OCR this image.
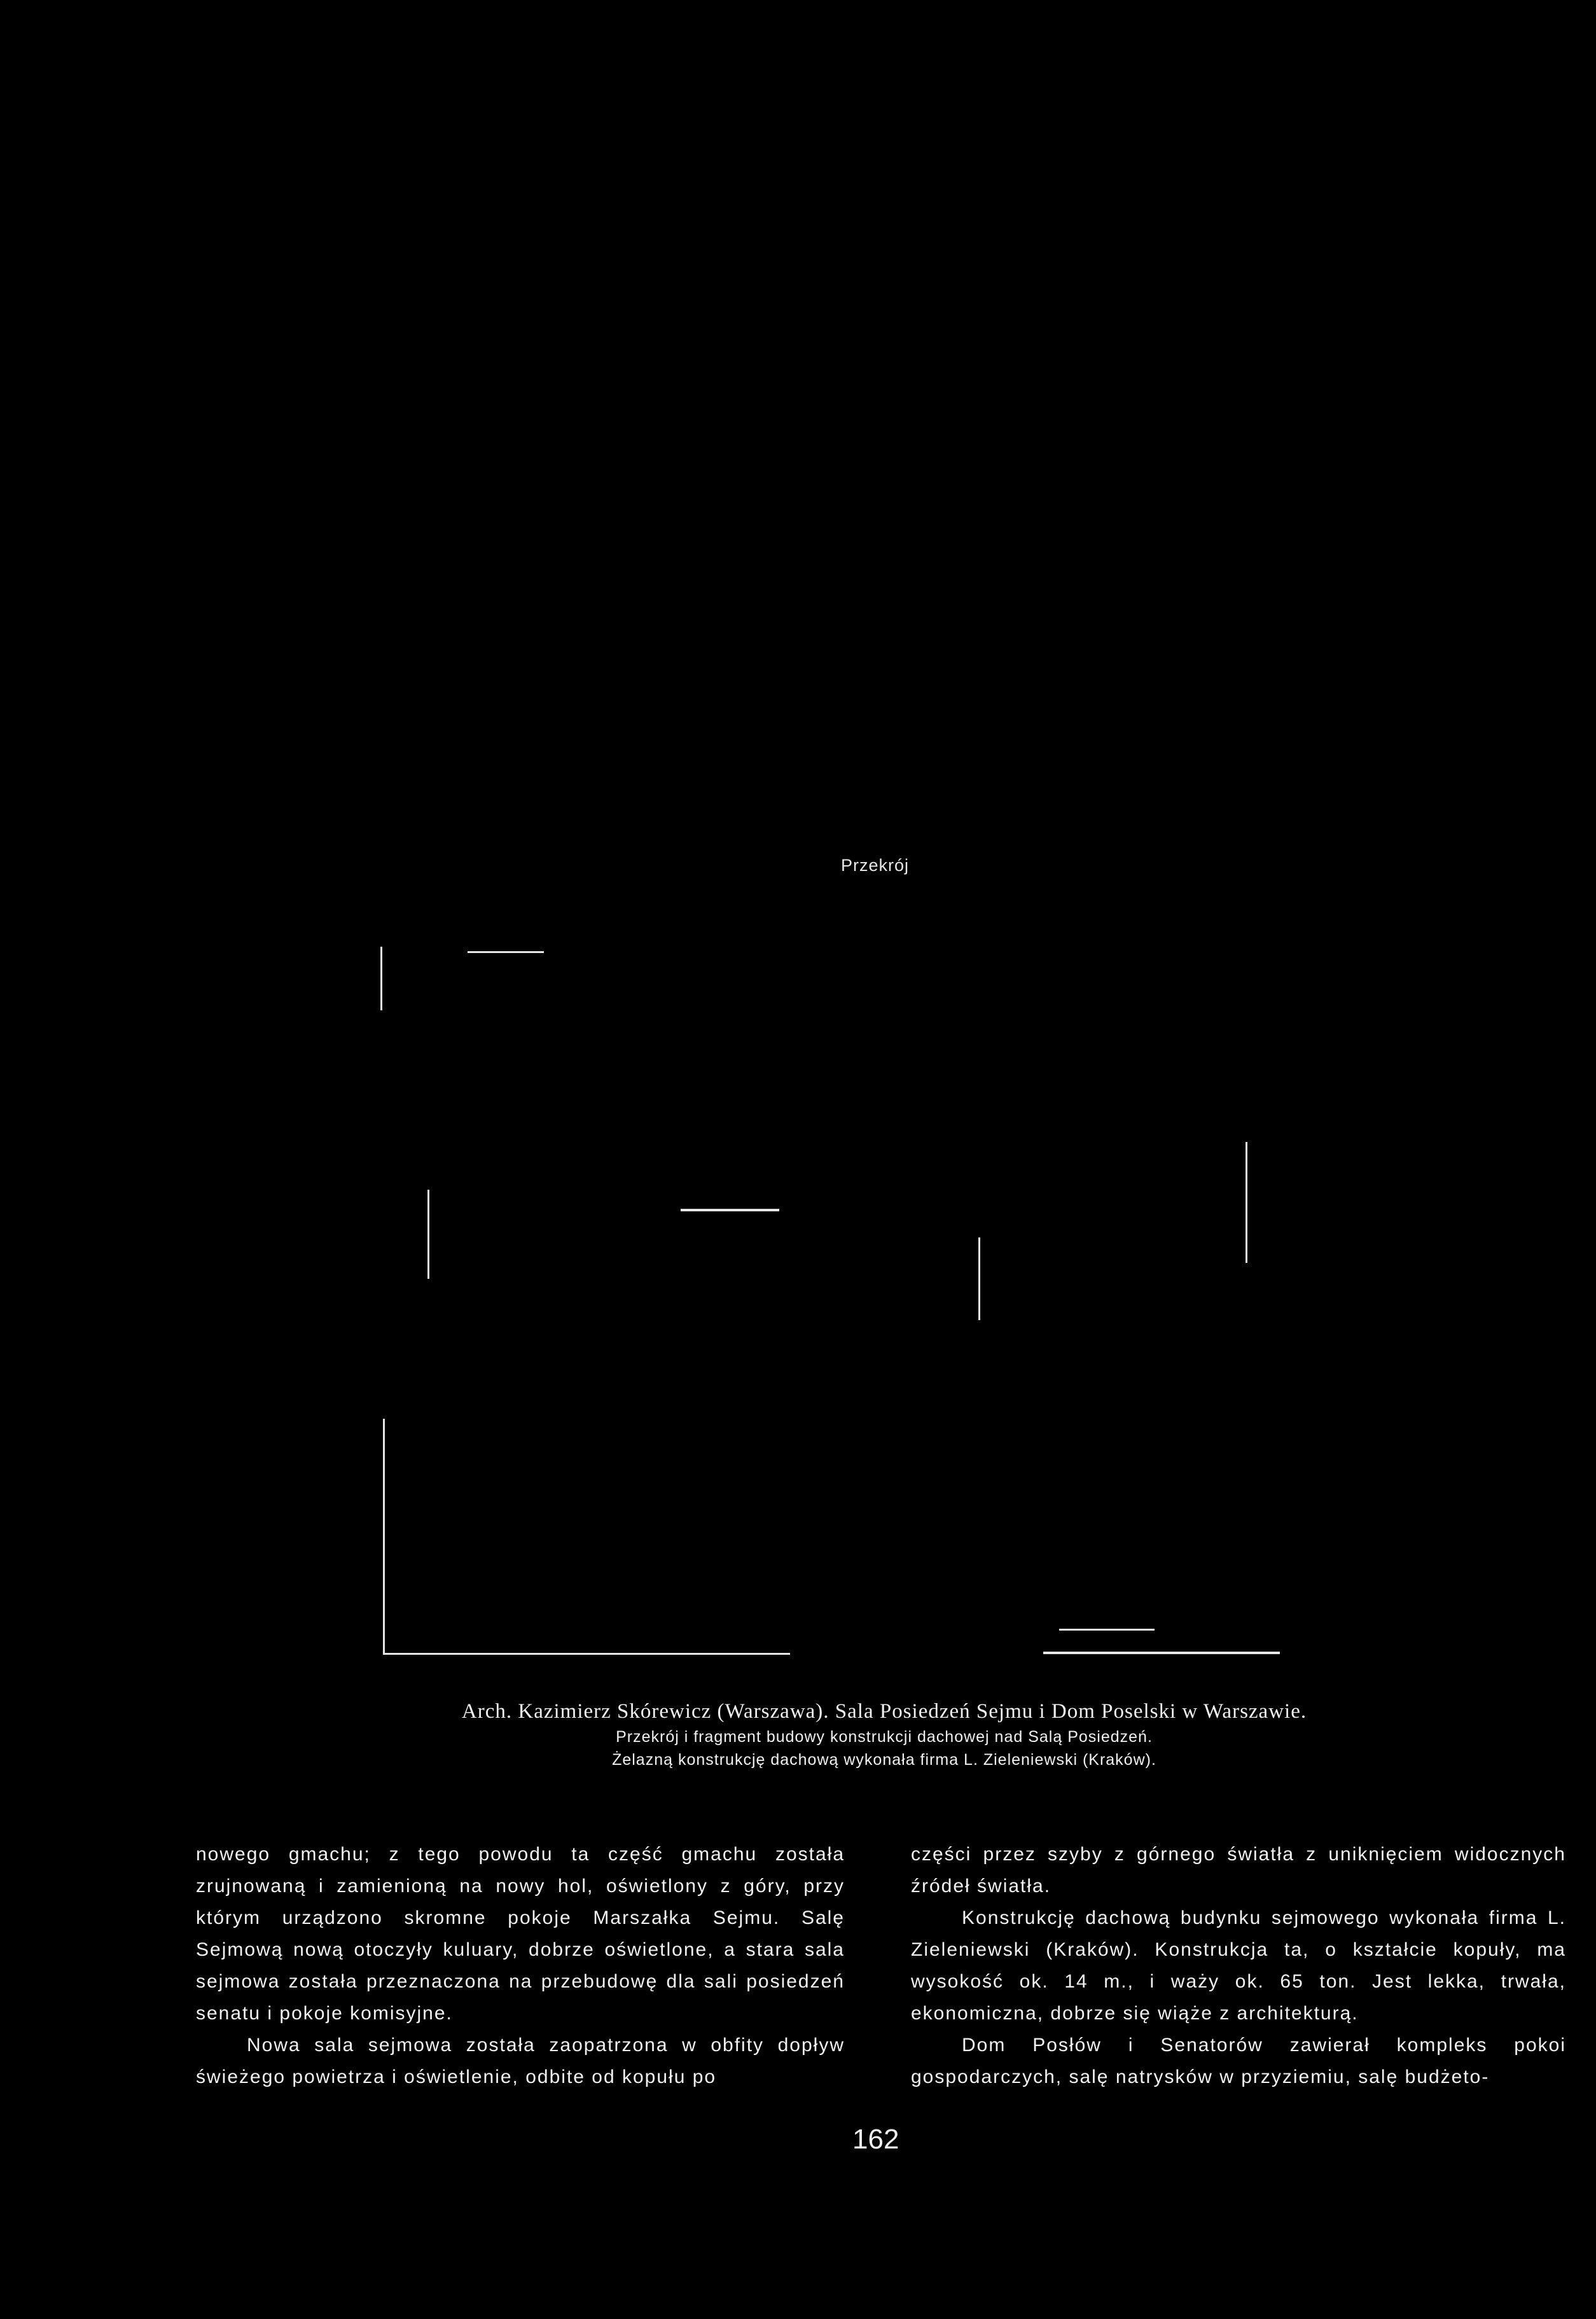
Przekrój
Arch. Kazimierz Skórewicz (Warszawa). Sala Posiedzeń Sejmu i Dom Poselski w Warszawie.
Przekrój i fragment budowy konstrukcji dachowej nad Salą Posiedzeń.
Żelazną konstrukcję dachową wykonała firma L. Zieleniewski (Kraków).

nowego gmachu; z tego powodu ta część gmachu została zrujnowaną i zamienioną na nowy hol, oświetlony z góry, przy którym urządzono skromne pokoje Marszałka Sejmu. Salę Sejmową nową otoczyły kuluary, dobrze oświetlone, a stara sala sejmowa została przeznaczona na przebudowę dla sali posiedzeń senatu i pokoje komisyjne.

Nowa sala sejmowa została zaopatrzona w obfity dopływ świeżego powietrza i oświetlenie, odbite od kopułu po

części przez szyby z górnego światła z uniknięciem widocznych źródeł światła.

Konstrukcję dachową budynku sejmowego wykonała firma L. Zieleniewski (Kraków). Konstrukcja ta, o kształcie kopuły, ma wysokość ok. 14 m., i waży ok. 65 ton. Jest lekka, trwała, ekonomiczna, dobrze się wiąże z architekturą.

Dom Posłów i Senatorów zawierał kompleks pokoi gospodarczych, salę natrysków w przyziemiu, salę budżeto-

162
